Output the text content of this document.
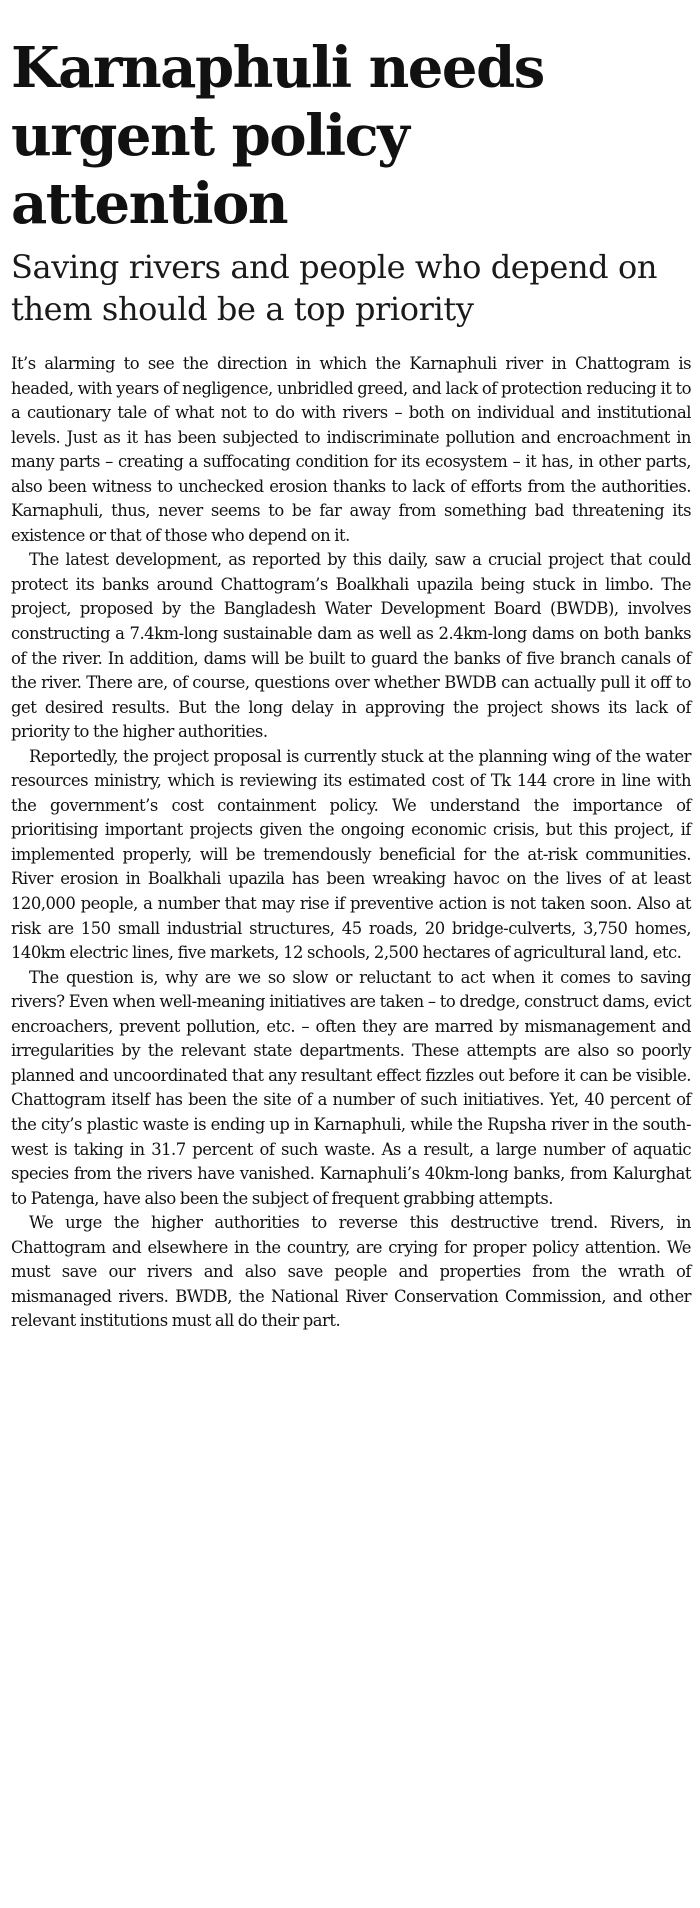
Karnaphuli needs urgent policy attention
Saving rivers and people who depend on them should be a top priority

It’s alarming to see the direction in which the Karnaphuli river in Chattogram is headed, with years of negligence, unbridled greed, and lack of protection reducing it to a cautionary tale of what not to do with rivers – both on individual and institutional levels. Just as it has been subjected to indiscriminate pollution and encroachment in many parts – creating a suffocating condition for its ecosystem – it has, in other parts, also been witness to unchecked erosion thanks to lack of efforts from the authorities. Karnaphuli, thus, never seems to be far away from something bad threatening its existence or that of those who depend on it.

The latest development, as reported by this daily, saw a crucial project that could protect its banks around Chattogram’s Boalkhali upazila being stuck in limbo. The project, proposed by the Bangladesh Water Development Board (BWDB), involves constructing a 7.4km-long sustainable dam as well as 2.4km-long dams on both banks of the river. In addition, dams will be built to guard the banks of five branch canals of the river. There are, of course, questions over whether BWDB can actually pull it off to get desired results. But the long delay in approving the project shows its lack of priority to the higher authorities.

Reportedly, the project proposal is currently stuck at the planning wing of the water resources ministry, which is reviewing its estimated cost of Tk 144 crore in line with the government’s cost containment policy. We understand the importance of prioritising important projects given the ongoing economic crisis, but this project, if implemented properly, will be tremendously beneficial for the at-risk communities. River erosion in Boalkhali upazila has been wreaking havoc on the lives of at least 120,000 people, a number that may rise if preventive action is not taken soon. Also at risk are 150 small industrial structures, 45 roads, 20 bridge-culverts, 3,750 homes, 140km electric lines, five markets, 12 schools, 2,500 hectares of agricultural land, etc.

The question is, why are we so slow or reluctant to act when it comes to saving rivers? Even when well-meaning initiatives are taken – to dredge, construct dams, evict encroachers, prevent pollution, etc. – often they are marred by mismanagement and irregularities by the relevant state departments. These attempts are also so poorly planned and uncoordinated that any resultant effect fizzles out before it can be visible. Chattogram itself has been the site of a number of such initiatives. Yet, 40 percent of the city’s plastic waste is ending up in Karnaphuli, while the Rupsha river in the south-west is taking in 31.7 percent of such waste. As a result, a large number of aquatic species from the rivers have vanished. Karnaphuli’s 40km-long banks, from Kalurghat to Patenga, have also been the subject of frequent grabbing attempts.

We urge the higher authorities to reverse this destructive trend. Rivers, in Chattogram and elsewhere in the country, are crying for proper policy attention. We must save our rivers and also save people and properties from the wrath of mismanaged rivers. BWDB, the National River Conservation Commission, and other relevant institutions must all do their part.
